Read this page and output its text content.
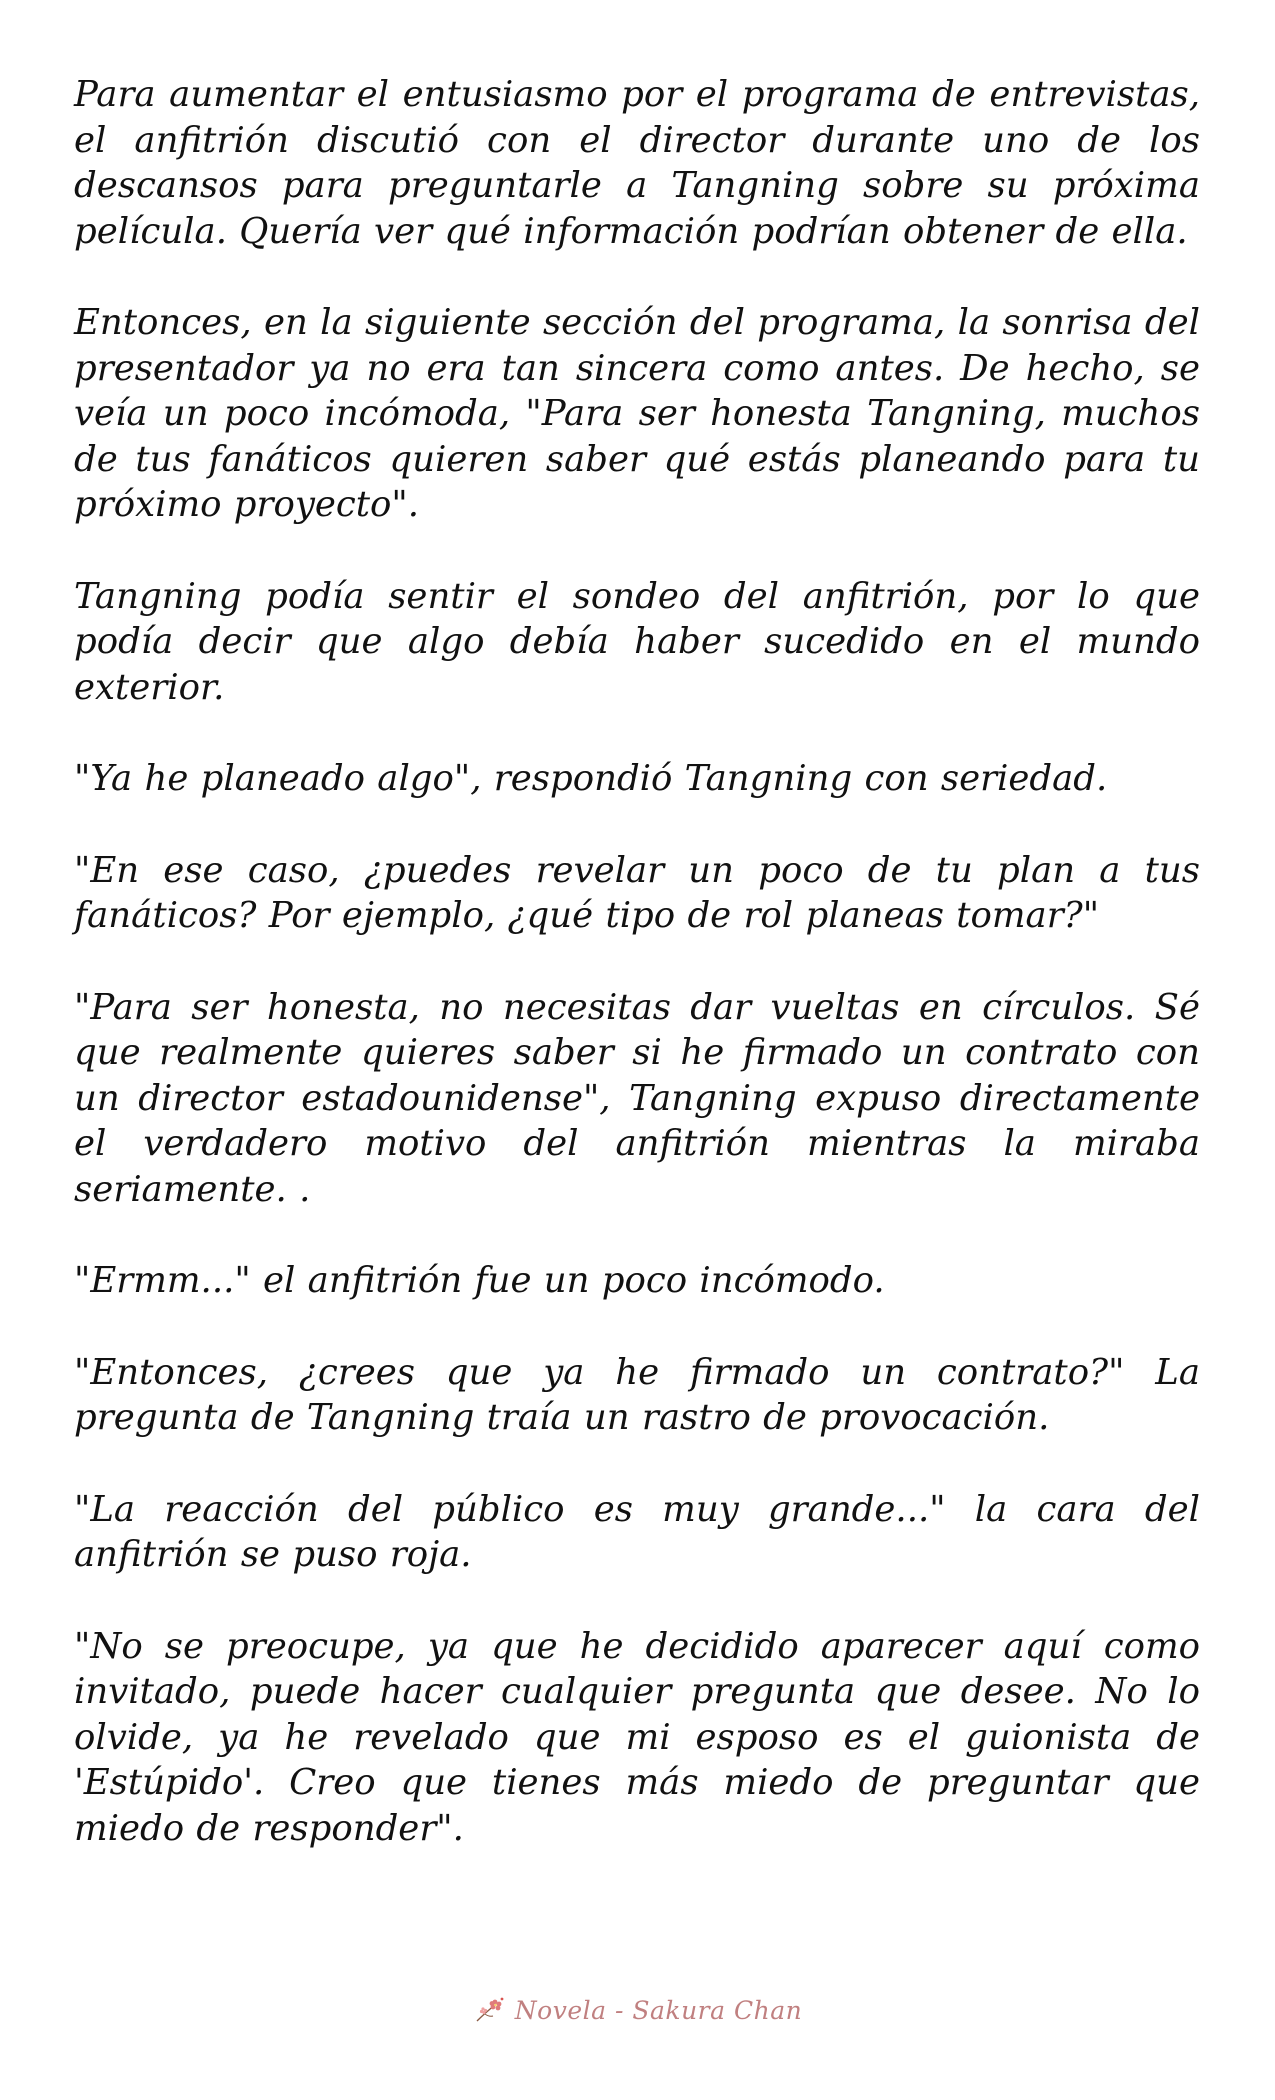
Para aumentar el entusiasmo por el programa de entrevistas, el anfitrión discutió con el director durante uno de los descansos para preguntarle a Tangning sobre su próxima película. Quería ver qué información podrían obtener de ella.

Entonces, en la siguiente sección del programa, la sonrisa del presentador ya no era tan sincera como antes. De hecho, se veía un poco incómoda, "Para ser honesta Tangning, muchos de tus fanáticos quieren saber qué estás planeando para tu próximo proyecto".

Tangning podía sentir el sondeo del anfitrión, por lo que podía decir que algo debía haber sucedido en el mundo exterior.

"Ya he planeado algo", respondió Tangning con seriedad.

"En ese caso, ¿puedes revelar un poco de tu plan a tus fanáticos? Por ejemplo, ¿qué tipo de rol planeas tomar?"

"Para ser honesta, no necesitas dar vueltas en círculos. Sé que realmente quieres saber si he firmado un contrato con un director estadounidense", Tangning expuso directamente el verdadero motivo del anfitrión mientras la miraba seriamente. .

"Ermm..." el anfitrión fue un poco incómodo.

"Entonces, ¿crees que ya he firmado un contrato?" La pregunta de Tangning traía un rastro de provocación.

"La reacción del público es muy grande..." la cara del anfitrión se puso roja.

"No se preocupe, ya que he decidido aparecer aquí como invitado, puede hacer cualquier pregunta que desee. No lo olvide, ya he revelado que mi esposo es el guionista de 'Estúpido'. Creo que tienes más miedo de preguntar que miedo de responder".

Novela - Sakura Chan
